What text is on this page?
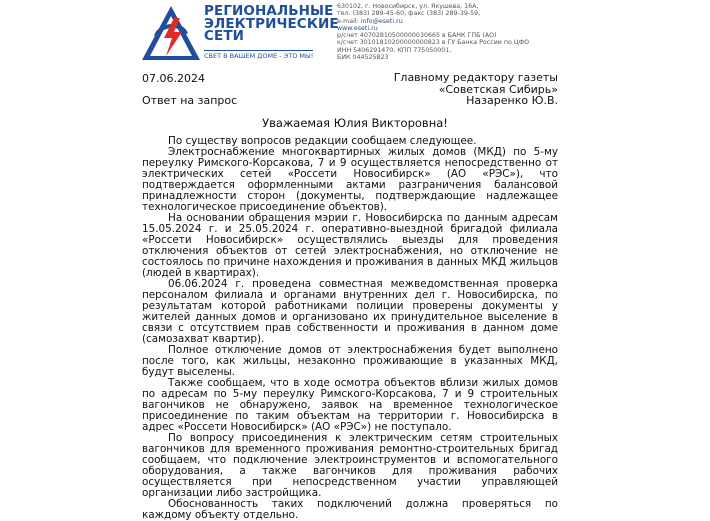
РЕГИОНАЛЬНЫЕ
ЭЛЕКТРИЧЕСКИЕ
СЕТИ
СВЕТ В ВАШЕМ ДОМЕ - ЭТО МЫ!
630102, г. Новосибирск, ул. Якушева, 16А,
тел. (383) 289-45-60, факс (383) 289-39-59,
e-mail: info@eseti.ru
www.eseti.ru
р/счет 40702810500000030665 в БАНК ГПБ (АО)
к/счет 30101810200000000823 в ГУ Банка России по ЦФО
ИНН 5406291470, КПП 775050001,
БИК 044525823
07.06.2024
Ответ на запрос
Главному редактору газеты
«Советская Сибирь»
Назаренко Ю.В.
Уважаемая Юлия Викторовна!

По существу вопросов редакции сообщаем следующее.

Электроснабжение многоквартирных жилых домов (МКД) по 5-му переулку Римского-Корсакова, 7 и 9 осуществляется непосредственно от электрических сетей «Россети Новосибирск» (АО «РЭС»), что подтверждается оформленными актами разграничения балансовой принадлежности сторон (документы, подтверждающие надлежащее технологическое присоединение объектов).

На основании обращения мэрии г. Новосибирска по данным адресам 15.05.2024 г. и 25.05.2024 г. оперативно-выездной бригадой филиала «Россети Новосибирск» осуществлялись выезды для проведения отключения объектов от сетей электроснабжения, но отключение не состоялось по причине нахождения и проживания в данных МКД жильцов (людей в квартирах).

06.06.2024 г. проведена совместная межведомственная проверка персоналом филиала и органами внутренних дел г. Новосибирска, по результатам которой работниками полиции проверены документы у жителей данных домов и организовано их принудительное выселение в связи с отсутствием прав собственности и проживания в данном доме (самозахват квартир).

Полное отключение домов от электроснабжения будет выполнено после того, как жильцы, незаконно проживающие в указанных МКД, будут выселены.

Также сообщаем, что в ходе осмотра объектов вблизи жилых домов по адресам по 5-му переулку Римского-Корсакова, 7 и 9 строительных вагончиков не обнаружено, заявок на временное технологическое присоединение по таким объектам на территории г. Новосибирска в адрес «Россети Новосибирск» (АО «РЭС») не поступало.

По вопросу присоединения к электрическим сетям строительных вагончиков для временного проживания ремонтно-строительных бригад сообщаем, что подключение электроинструментов и вспомогательного оборудования, а также вагончиков для проживания рабочих осуществляется при непосредственном участии управляющей организации либо застройщика.

Обоснованность таких подключений должна проверяться по каждому объекту отдельно.
